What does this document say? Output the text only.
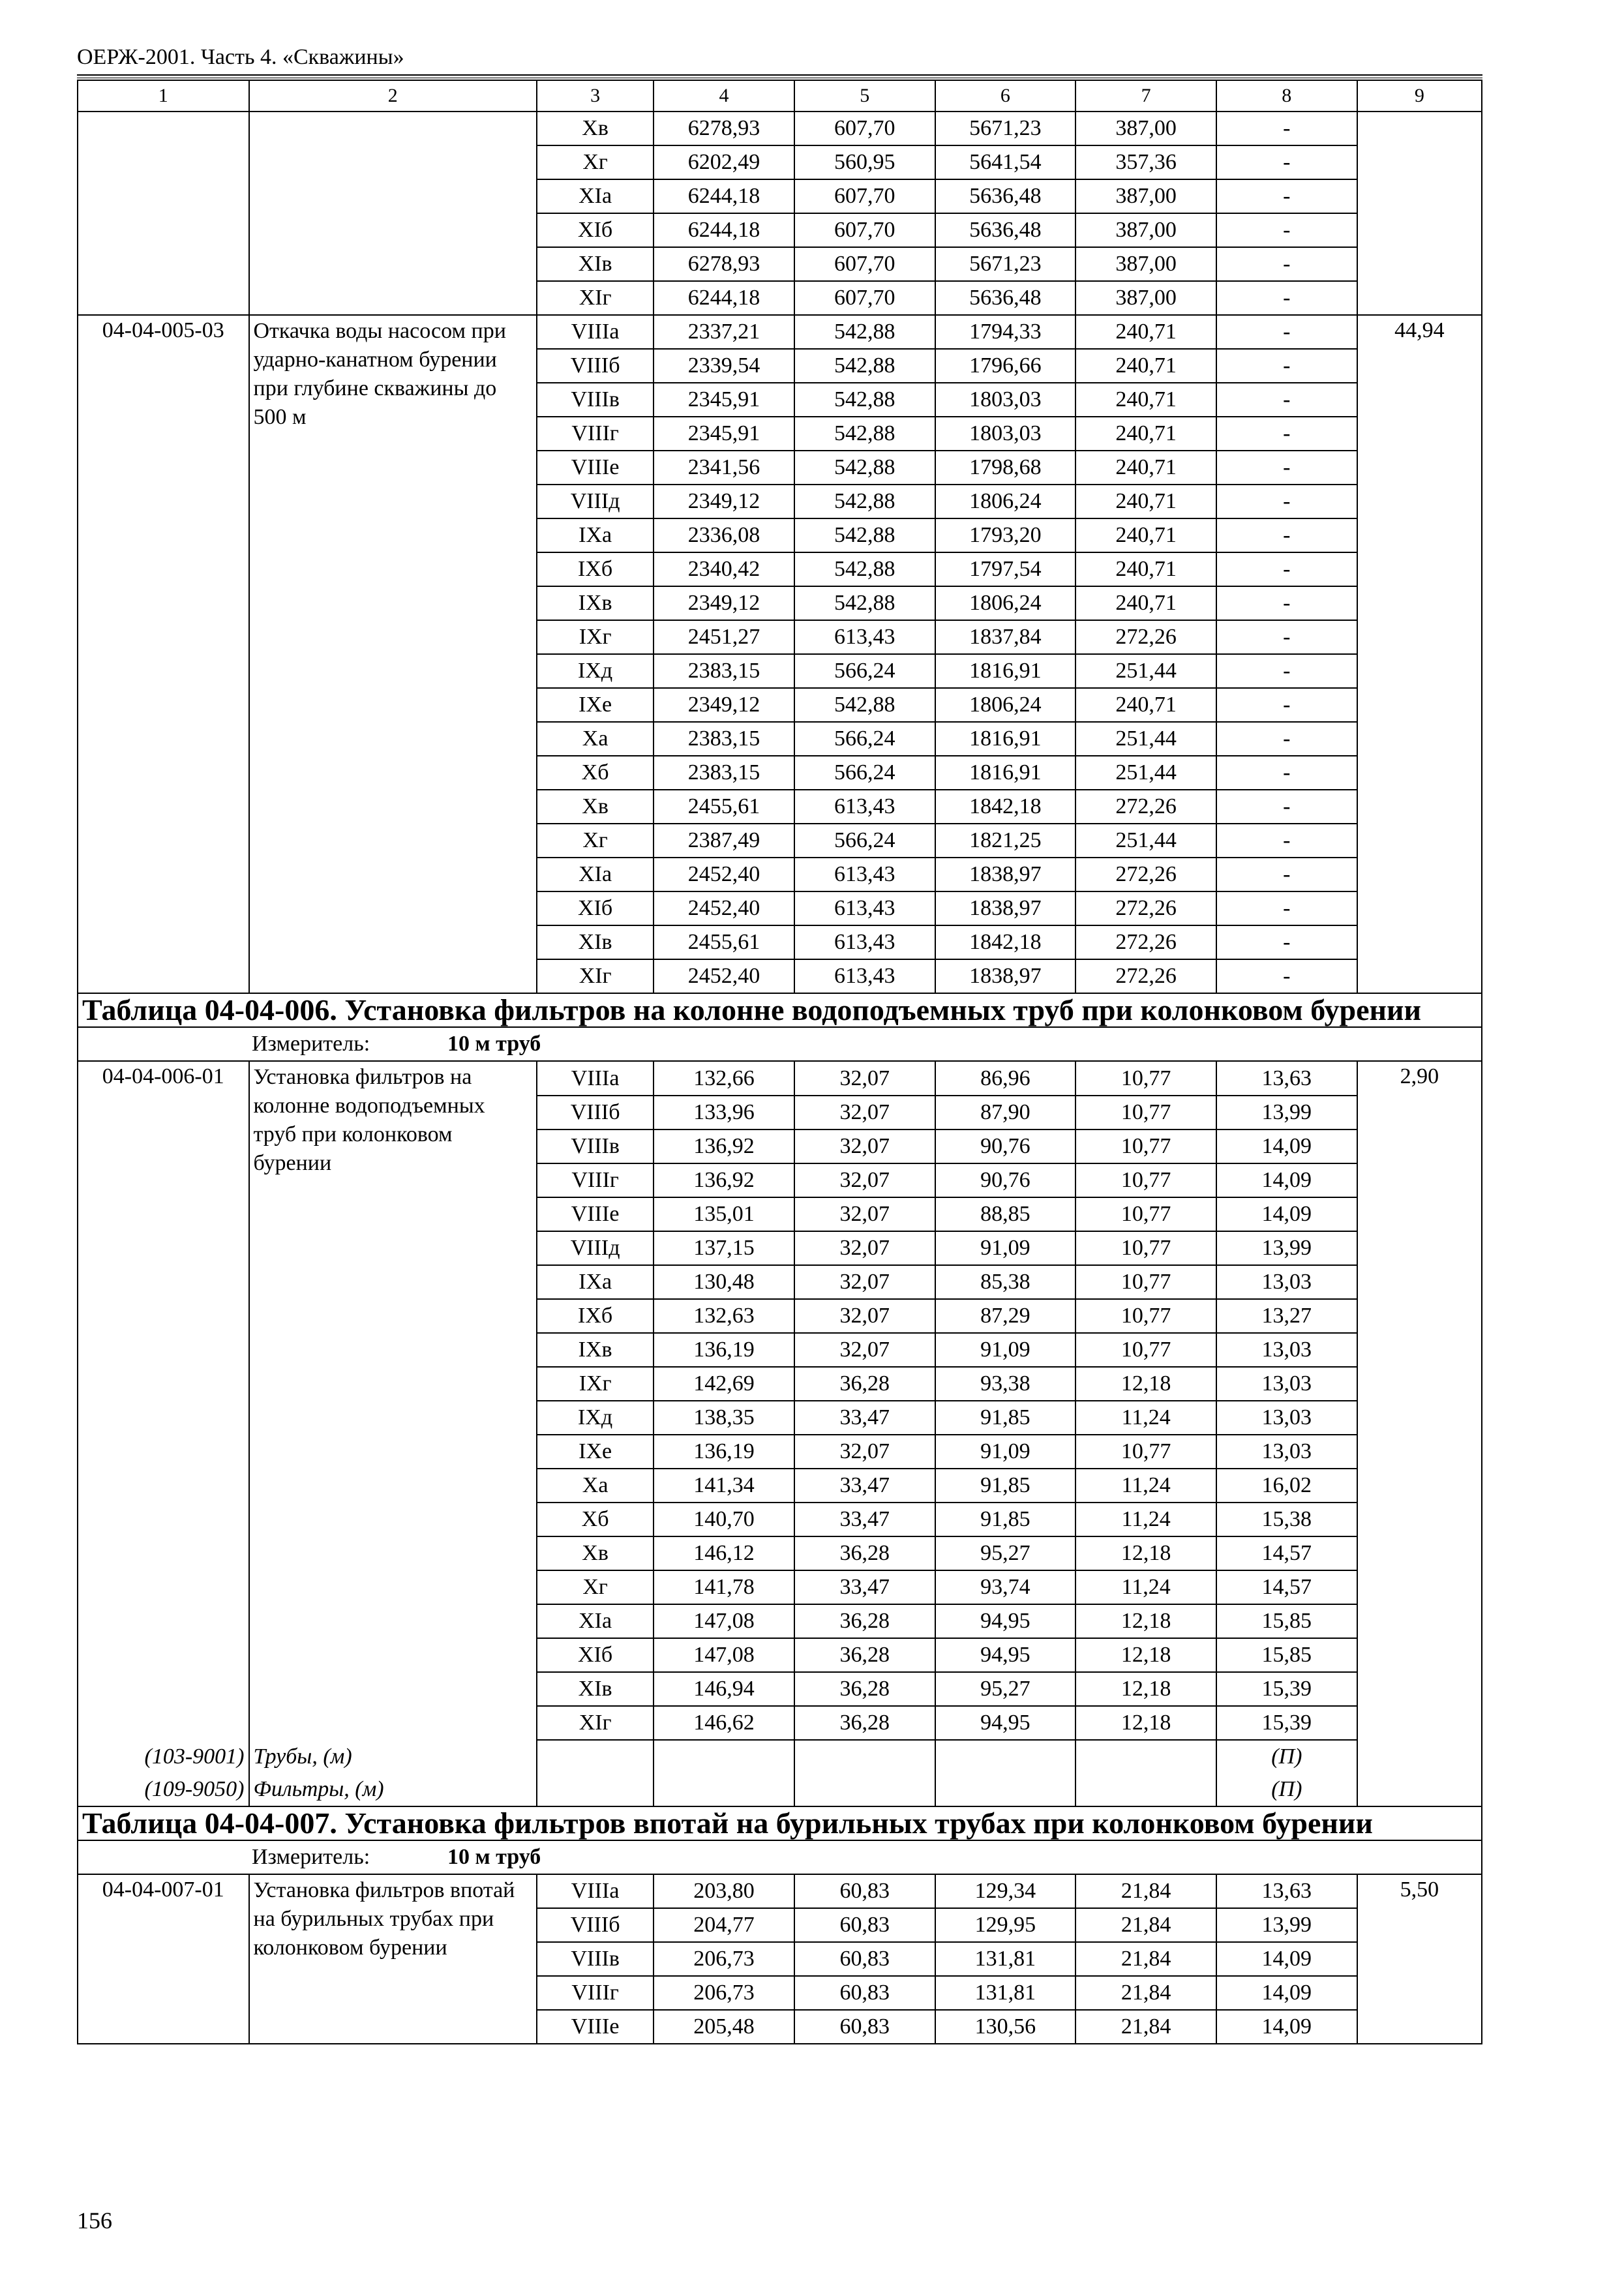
ОЕРЖ-2001. Часть 4. «Скважины»
1	2	3	4	5	6	7	8	9
		Хв	6278,93	607,70	5671,23	387,00	-	
		Хг	6202,49	560,95	5641,54	357,36	-	
		ХIа	6244,18	607,70	5636,48	387,00	-	
		ХIб	6244,18	607,70	5636,48	387,00	-	
		ХIв	6278,93	607,70	5671,23	387,00	-	
		ХIг	6244,18	607,70	5636,48	387,00	-	
04-04-005-03	Откачка воды насосом при ударно-канатном бурении при глубине скважины до 500 м	VIIIа	2337,21	542,88	1794,33	240,71	-	44,94
		VIIIб	2339,54	542,88	1796,66	240,71	-	
		VIIIв	2345,91	542,88	1803,03	240,71	-	
		VIIIг	2345,91	542,88	1803,03	240,71	-	
		VIIIе	2341,56	542,88	1798,68	240,71	-	
		VIIIд	2349,12	542,88	1806,24	240,71	-	
		IХа	2336,08	542,88	1793,20	240,71	-	
		IХб	2340,42	542,88	1797,54	240,71	-	
		IХв	2349,12	542,88	1806,24	240,71	-	
		IХг	2451,27	613,43	1837,84	272,26	-	
		IХд	2383,15	566,24	1816,91	251,44	-	
		IХе	2349,12	542,88	1806,24	240,71	-	
		Ха	2383,15	566,24	1816,91	251,44	-	
		Хб	2383,15	566,24	1816,91	251,44	-	
		Хв	2455,61	613,43	1842,18	272,26	-	
		Хг	2387,49	566,24	1821,25	251,44	-	
		ХIа	2452,40	613,43	1838,97	272,26	-	
		ХIб	2452,40	613,43	1838,97	272,26	-	
		ХIв	2455,61	613,43	1842,18	272,26	-	
		ХIг	2452,40	613,43	1838,97	272,26	-	
Таблица 04-04-006. Установка фильтров на колонне водоподъемных труб при колонковом бурении								
Измеритель: 10 м труб								
04-04-006-01	Установка фильтров на колонне водоподъемных труб при колонковом бурении	VIIIа	132,66	32,07	86,96	10,77	13,63	2,90
		VIIIб	133,96	32,07	87,90	10,77	13,99	
		VIIIв	136,92	32,07	90,76	10,77	14,09	
		VIIIг	136,92	32,07	90,76	10,77	14,09	
		VIIIе	135,01	32,07	88,85	10,77	14,09	
		VIIIд	137,15	32,07	91,09	10,77	13,99	
		IХа	130,48	32,07	85,38	10,77	13,03	
		IХб	132,63	32,07	87,29	10,77	13,27	
		IХв	136,19	32,07	91,09	10,77	13,03	
		IХг	142,69	36,28	93,38	12,18	13,03	
		IХд	138,35	33,47	91,85	11,24	13,03	
		IХе	136,19	32,07	91,09	10,77	13,03	
		Ха	141,34	33,47	91,85	11,24	16,02	
		Хб	140,70	33,47	91,85	11,24	15,38	
		Хв	146,12	36,28	95,27	12,18	14,57	
		Хг	141,78	33,47	93,74	11,24	14,57	
		ХIа	147,08	36,28	94,95	12,18	15,85	
		ХIб	147,08	36,28	94,95	12,18	15,85	
		ХIв	146,94	36,28	95,27	12,18	15,39	
		ХIг	146,62	36,28	94,95	12,18	15,39	
(103-9001)	Трубы, (м)						(П)	
(109-9050)	Фильтры, (м)						(П)	
Таблица 04-04-007. Установка фильтров впотай на бурильных трубах при колонковом бурении								
Измеритель: 10 м труб								
04-04-007-01	Установка фильтров впотай на бурильных трубах при колонковом бурении	VIIIа	203,80	60,83	129,34	21,84	13,63	5,50
		VIIIб	204,77	60,83	129,95	21,84	13,99	
		VIIIв	206,73	60,83	131,81	21,84	14,09	
		VIIIг	206,73	60,83	131,81	21,84	14,09	
		VIIIе	205,48	60,83	130,56	21,84	14,09	
156
